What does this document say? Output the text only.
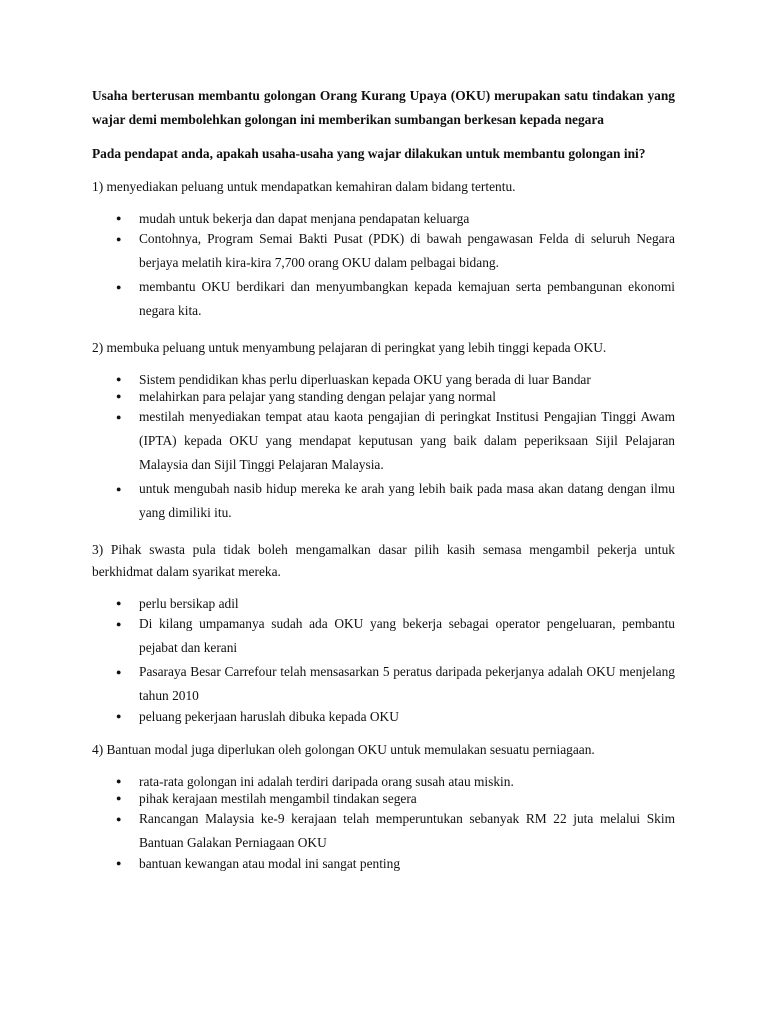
Usaha berterusan membantu golongan Orang Kurang Upaya (OKU) merupakan satu tindakan yang wajar demi membolehkan golongan ini memberikan sumbangan berkesan kepada negara

Pada pendapat anda, apakah usaha-usaha yang wajar dilakukan untuk membantu golongan ini?

1) menyediakan peluang untuk mendapatkan kemahiran dalam bidang tertentu.

● mudah untuk bekerja dan dapat menjana pendapatan keluarga
● Contohnya, Program Semai Bakti Pusat (PDK) di bawah pengawasan Felda di seluruh Negara berjaya melatih kira-kira 7,700 orang OKU dalam pelbagai bidang.
● membantu OKU berdikari dan menyumbangkan kepada kemajuan serta pembangunan ekonomi negara kita.

2) membuka peluang untuk menyambung pelajaran di peringkat yang lebih tinggi kepada OKU.

● Sistem pendidikan khas perlu diperluaskan kepada OKU yang berada di luar Bandar
● melahirkan para pelajar yang standing dengan pelajar yang normal
● mestilah menyediakan tempat atau kaota pengajian di peringkat Institusi Pengajian Tinggi Awam (IPTA) kepada OKU yang mendapat keputusan yang baik dalam peperiksaan Sijil Pelajaran Malaysia dan Sijil Tinggi Pelajaran Malaysia.
● untuk mengubah nasib hidup mereka ke arah yang lebih baik pada masa akan datang dengan ilmu yang dimiliki itu.

3) Pihak swasta pula tidak boleh mengamalkan dasar pilih kasih semasa mengambil pekerja untuk berkhidmat dalam syarikat mereka.

● perlu bersikap adil
● Di kilang umpamanya sudah ada OKU yang bekerja sebagai operator pengeluaran, pembantu pejabat dan kerani
● Pasaraya Besar Carrefour telah mensasarkan 5 peratus daripada pekerjanya adalah OKU menjelang tahun 2010
● peluang pekerjaan haruslah dibuka kepada OKU

4) Bantuan modal juga diperlukan oleh golongan OKU untuk memulakan sesuatu perniagaan.

● rata-rata golongan ini adalah terdiri daripada orang susah atau miskin.
● pihak kerajaan mestilah mengambil tindakan segera
● Rancangan Malaysia ke-9 kerajaan telah memperuntukan sebanyak RM 22 juta melalui Skim Bantuan Galakan Perniagaan OKU
● bantuan kewangan atau modal ini sangat penting
